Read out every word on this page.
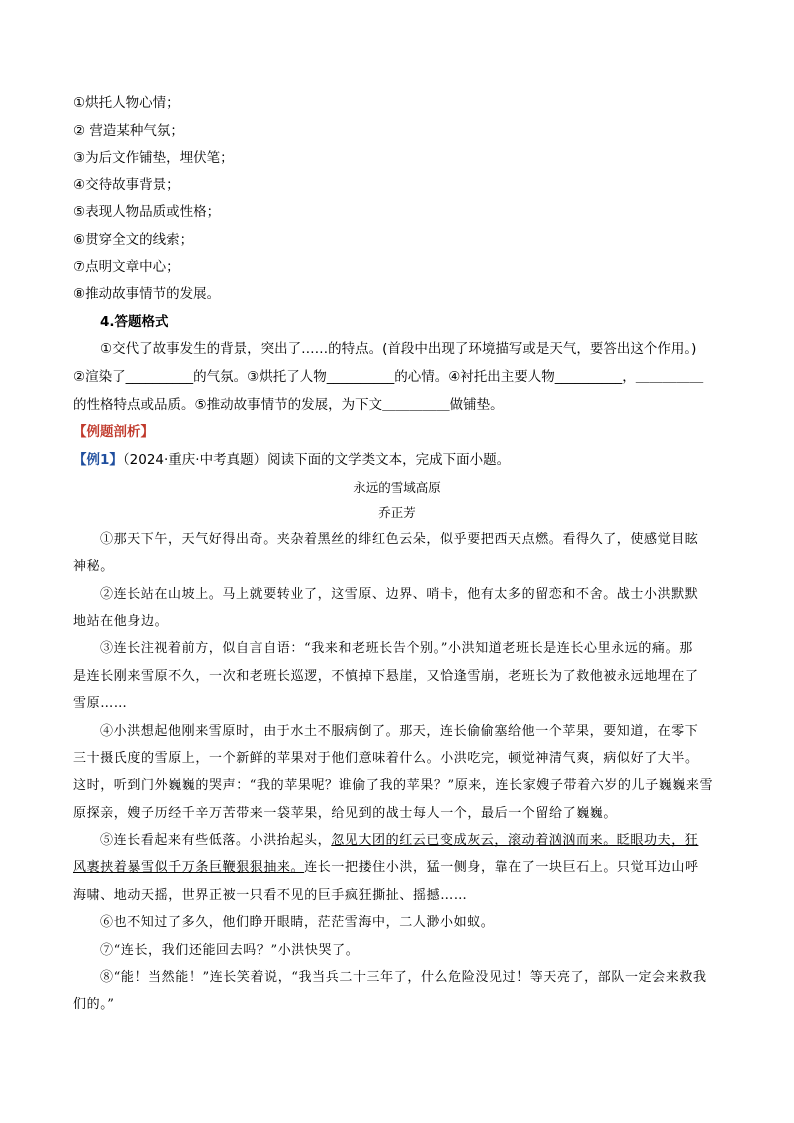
①烘托人物心情；
② 营造某种气氛；
③为后文作铺垫，埋伏笔；
④交待故事背景；
⑤表现人物品质或性格；
⑥贯穿全文的线索；
⑦点明文章中心；
⑧推动故事情节的发展。
4.答题格式
①交代了故事发生的背景，突出了……的特点。(首段中出现了环境描写或是天气，要答出这个作用。)
②渲染了__________的气氛。③烘托了人物__________的心情。④衬托出主要人物__________，＿＿＿＿＿
的性格特点或品质。⑤推动故事情节的发展，为下文＿＿＿＿＿做铺垫。
【例题剖析】
【例1】（2024·重庆·中考真题）阅读下面的文学类文本，完成下面小题。
永远的雪域高原
乔正芳
①那天下午，天气好得出奇。夹杂着黑丝的绯红色云朵，似乎要把西天点燃。看得久了，使感觉目眩
神秘。
②连长站在山坡上。马上就要转业了，这雪原、边界、哨卡，他有太多的留恋和不舍。战士小洪默默
地站在他身边。
③连长注视着前方，似自言自语：“我来和老班长告个别。”小洪知道老班长是连长心里永远的痛。那
是连长刚来雪原不久，一次和老班长巡逻，不慎掉下悬崖，又恰逢雪崩，老班长为了救他被永远地埋在了
雪原……
④小洪想起他刚来雪原时，由于水土不服病倒了。那天，连长偷偷塞给他一个苹果，要知道，在零下
三十摄氏度的雪原上，一个新鲜的苹果对于他们意味着什么。小洪吃完，顿觉神清气爽，病似好了大半。
这时，听到门外巍巍的哭声：“我的苹果呢？谁偷了我的苹果？”原来，连长家嫂子带着六岁的儿子巍巍来雪
原探亲，嫂子历经千辛万苦带来一袋苹果，给见到的战士每人一个，最后一个留给了巍巍。
⑤连长看起来有些低落。小洪抬起头，忽见大团的红云已变成灰云，滚动着汹汹而来。眨眼功夫，狂
风裹挟着暴雪似千万条巨鞭狠狠抽来。连长一把搂住小洪，猛一侧身，靠在了一块巨石上。只觉耳边山呼
海啸、地动天摇，世界正被一只看不见的巨手疯狂撕扯、摇撼……
⑥也不知过了多久，他们睁开眼睛，茫茫雪海中，二人渺小如蚁。
⑦“连长，我们还能回去吗？”小洪快哭了。
⑧“能！当然能！”连长笑着说，“我当兵二十三年了，什么危险没见过！等天亮了，部队一定会来救我
们的。”
